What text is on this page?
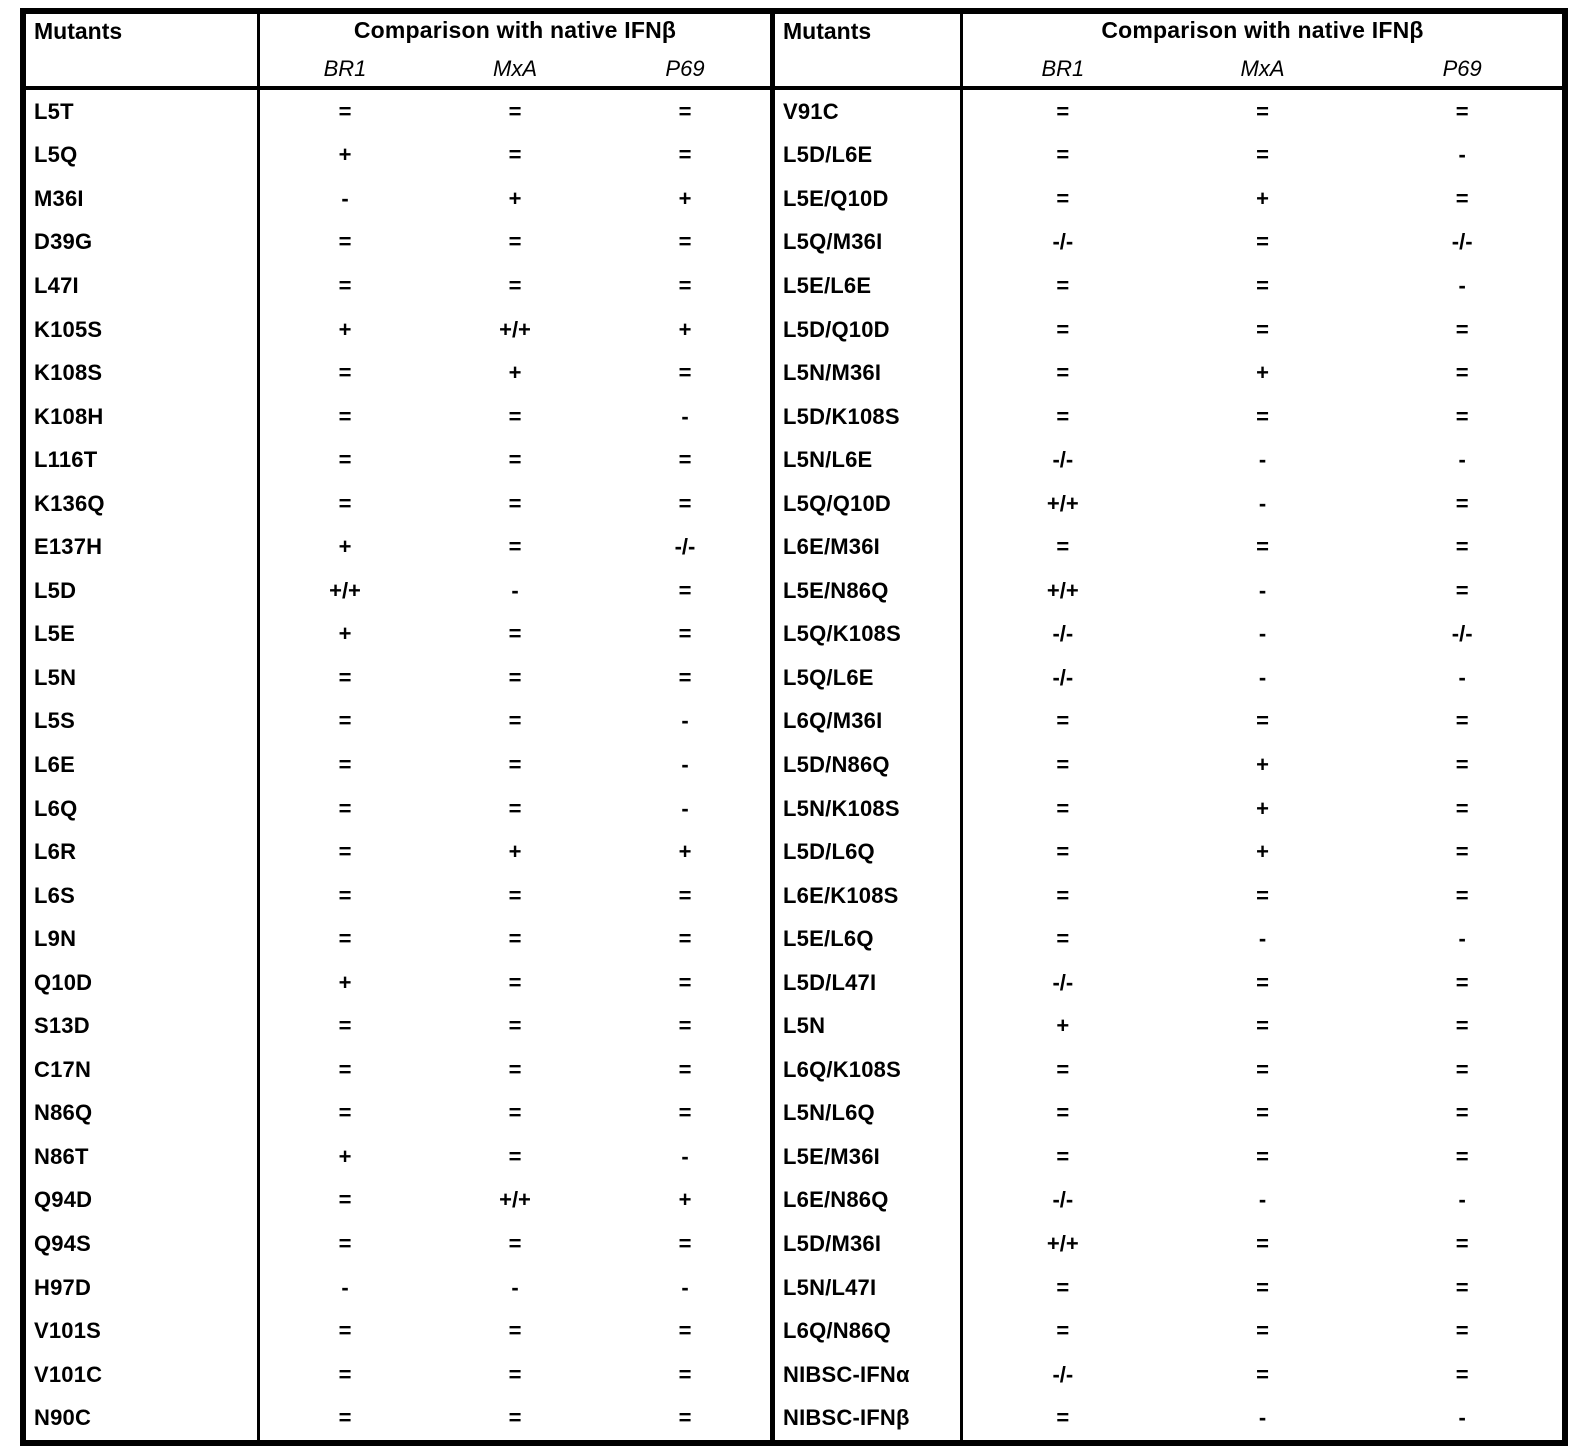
Mutants	Comparison with native IFNβ
BR1	MxA	P69
L5T	=	=	=
L5Q	+	=	=
M36I	-	+	+
D39G	=	=	=
L47I	=	=	=
K105S	+	+/+	+
K108S	=	+	=
K108H	=	=	-
L116T	=	=	=
K136Q	=	=	=
E137H	+	=	-/-
L5D	+/+	-	=
L5E	+	=	=
L5N	=	=	=
L5S	=	=	-
L6E	=	=	-
L6Q	=	=	-
L6R	=	+	+
L6S	=	=	=
L9N	=	=	=
Q10D	+	=	=
S13D	=	=	=
C17N	=	=	=
N86Q	=	=	=
N86T	+	=	-
Q94D	=	+/+	+
Q94S	=	=	=
H97D	-	-	-
V101S	=	=	=
V101C	=	=	=
N90C	=	=	=
Mutants	Comparison with native IFNβ
BR1	MxA	P69
V91C	=	=	=
L5D/L6E	=	=	-
L5E/Q10D	=	+	=
L5Q/M36I	-/-	=	-/-
L5E/L6E	=	=	-
L5D/Q10D	=	=	=
L5N/M36I	=	+	=
L5D/K108S	=	=	=
L5N/L6E	-/-	-	-
L5Q/Q10D	+/+	-	=
L6E/M36I	=	=	=
L5E/N86Q	+/+	-	=
L5Q/K108S	-/-	-	-/-
L5Q/L6E	-/-	-	-
L6Q/M36I	=	=	=
L5D/N86Q	=	+	=
L5N/K108S	=	+	=
L5D/L6Q	=	+	=
L6E/K108S	=	=	=
L5E/L6Q	=	-	-
L5D/L47I	-/-	=	=
L5N	+	=	=
L6Q/K108S	=	=	=
L5N/L6Q	=	=	=
L5E/M36I	=	=	=
L6E/N86Q	-/-	-	-
L5D/M36I	+/+	=	=
L5N/L47I	=	=	=
L6Q/N86Q	=	=	=
NIBSC-IFNα	-/-	=	=
NIBSC-IFNβ	=	-	-
